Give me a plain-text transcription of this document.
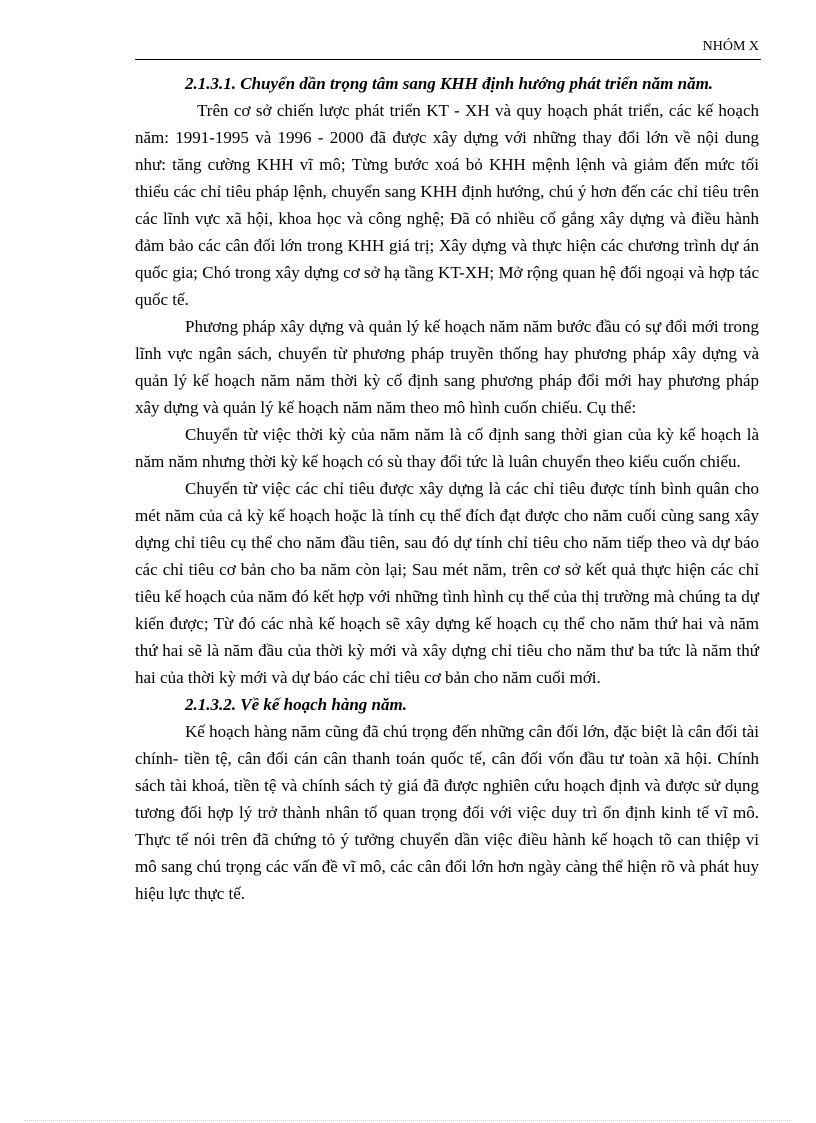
NHÓM X

2.1.3.1. Chuyển dần trọng tâm sang KHH định hướng phát triển năm năm.

Trên cơ sở chiến lược phát triển KT - XH và quy hoạch phát triển, các kế hoạch năm: 1991-1995 và 1996 - 2000 đã được xây dựng với những thay đổi lớn về nội dung như: tăng cường KHH vĩ mô; Từng bước xoá bỏ KHH mệnh lệnh và giảm đến mức tối thiểu các chỉ tiêu pháp lệnh, chuyển sang KHH định hướng, chú ý hơn đến các chỉ tiêu trên các lĩnh vực xã hội, khoa học và công nghệ; Đã có nhiều cố gắng xây dựng và điều hành đảm bảo các cân đối lớn trong KHH giá trị; Xây dựng và thực hiện các chương trình dự án quốc gia; Chó trong xây dựng cơ sở hạ tầng KT-XH; Mở rộng quan hệ đối ngoại và hợp tác quốc tế.

Phương pháp xây dựng và quản lý kế hoạch năm năm bước đầu có sự đổi mới trong lĩnh vực ngân sách, chuyển từ phương pháp truyền thống hay phương pháp xây dựng và quản lý kế hoạch năm năm thời kỳ cố định sang phương pháp đổi mới hay phương pháp xây dựng và quản lý kế hoạch năm năm theo mô hình cuốn chiếu. Cụ thể:

Chuyển từ việc thời kỳ của năm năm là cố định sang thời gian của kỳ kế hoạch là năm năm nhưng thời kỳ kế hoạch có sù thay đổi tức là luân chuyển theo kiểu cuốn chiếu.

Chuyển từ việc các chỉ tiêu được xây dựng là các chỉ tiêu được tính bình quân cho mét năm của cả kỳ kế hoạch hoặc là tính cụ thể đích đạt được cho năm cuối cùng sang xây dựng chỉ tiêu cụ thể cho năm đầu tiên, sau đó dự tính chỉ tiêu cho năm tiếp theo và dự báo các chỉ tiêu cơ bản cho ba năm còn lại; Sau mét năm, trên cơ sở kết quả thực hiện các chỉ tiêu kế hoạch của năm đó kết hợp với những tình hình cụ thể của thị trường mà chúng ta dự kiến được; Từ đó các nhà kế hoạch sẽ xây dựng kế hoạch cụ thể cho năm thứ hai và năm thứ hai sẽ là năm đầu của thời kỳ mới và xây dựng chỉ tiêu cho năm thư ba tức là năm thứ hai của thời kỳ mới và dự báo các chỉ tiêu cơ bản cho năm cuối mới.

2.1.3.2. Về kế hoạch hàng năm.

Kế hoạch hàng năm cũng đã chú trọng đến những cân đối lớn, đặc biệt là cân đối tài chính- tiền tệ, cân đối cán cân thanh toán quốc tế, cân đối vốn đầu tư toàn xã hội. Chính sách tài khoá, tiền tệ và chính sách tỷ giá đã được nghiên cứu hoạch định và được sử dụng tương đối hợp lý trở thành nhân tố quan trọng đối với việc duy trì ổn định kinh tế vĩ mô. Thực tế nói trên đã chứng tỏ ý tưởng chuyển dần việc điều hành kế hoạch tõ can thiệp vi mô sang chú trọng các vấn đề vĩ mô, các cân đối lớn hơn ngày càng thể hiện rõ và phát huy hiệu lực thực tế.
